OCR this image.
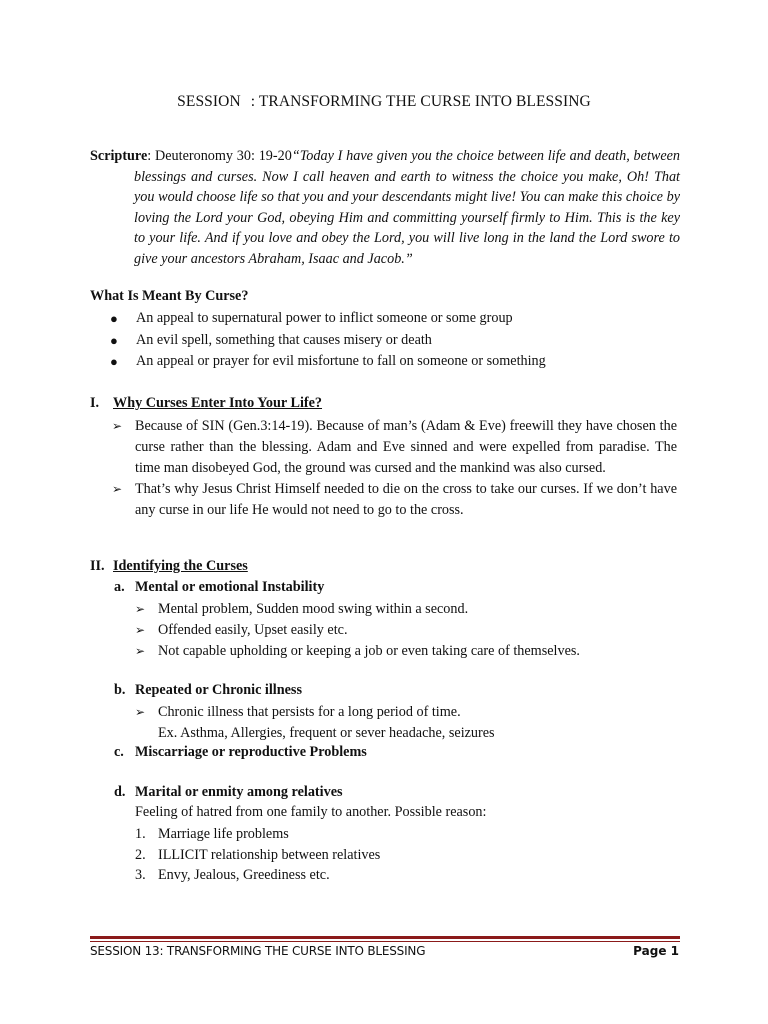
SESSION : TRANSFORMING THE CURSE INTO BLESSING
Scripture: Deuteronomy 30: 19-20“Today I have given you the choice between life and death, between blessings and curses. Now I call heaven and earth to witness the choice you make, Oh! That you would choose life so that you and your descendants might live! You can make this choice by loving the Lord your God, obeying Him and committing yourself firmly to Him. This is the key to your life. And if you love and obey the Lord, you will live long in the land the Lord swore to give your ancestors Abraham, Isaac and Jacob.”
What Is Meant By Curse?
● An appeal to supernatural power to inflict someone or some group
● An evil spell, something that causes misery or death
● An appeal or prayer for evil misfortune to fall on someone or something
I. Why Curses Enter Into Your Life?
➢ Because of SIN (Gen.3:14-19). Because of man’s (Adam & Eve) freewill they have chosen the curse rather than the blessing. Adam and Eve sinned and were expelled from paradise. The time man disobeyed God, the ground was cursed and the mankind was also cursed.
➢ That’s why Jesus Christ Himself needed to die on the cross to take our curses. If we don’t have any curse in our life He would not need to go to the cross.
II. Identifying the Curses
a. Mental or emotional Instability
➢ Mental problem, Sudden mood swing within a second.
➢ Offended easily, Upset easily etc.
➢ Not capable upholding or keeping a job or even taking care of themselves.
b. Repeated or Chronic illness
➢ Chronic illness that persists for a long period of time.
Ex. Asthma, Allergies, frequent or sever headache, seizures
c. Miscarriage or reproductive Problems
d. Marital or enmity among relatives
Feeling of hatred from one family to another. Possible reason:
1. Marriage life problems
2. ILLICIT relationship between relatives
3. Envy, Jealous, Greediness etc.
SESSION 13: TRANSFORMING THE CURSE INTO BLESSING	Page 1
